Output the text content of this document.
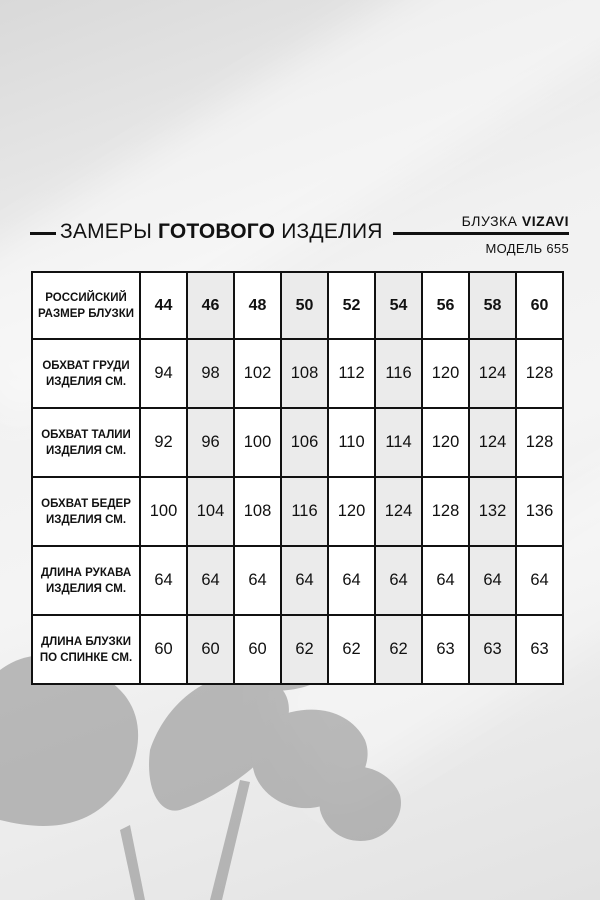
ЗАМЕРЫ ГОТОВОГО ИЗДЕЛИЯ	БЛУЗКА VIZAVI
МОДЕЛЬ 655
РОССИЙСКИЙ РАЗМЕР БЛУЗКИ	44	46	48	50	52	54	56	58	60
ОБХВАТ ГРУДИ ИЗДЕЛИЯ СМ.	94	98	102	108	112	116	120	124	128
ОБХВАТ ТАЛИИ ИЗДЕЛИЯ СМ.	92	96	100	106	110	114	120	124	128
ОБХВАТ БЕДЕР ИЗДЕЛИЯ СМ.	100	104	108	116	120	124	128	132	136
ДЛИНА РУКАВА ИЗДЕЛИЯ СМ.	64	64	64	64	64	64	64	64	64
ДЛИНА БЛУЗКИ ПО СПИНКЕ СМ.	60	60	60	62	62	62	63	63	63
